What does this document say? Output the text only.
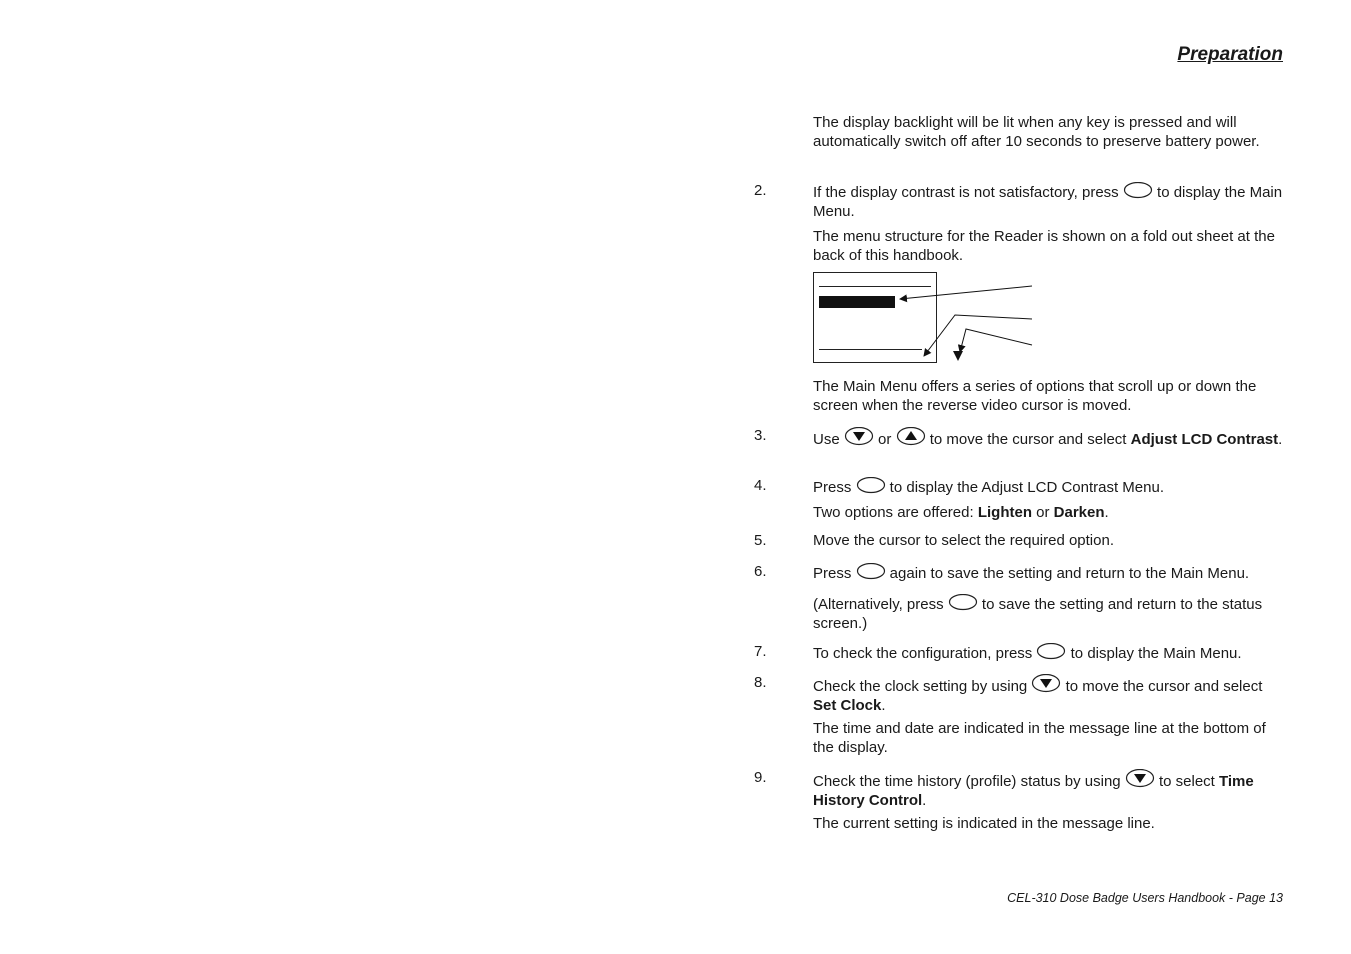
Preparation
The display backlight will be lit when any key is pressed and will automatically switch off after 10 seconds to preserve battery power.
2.	If the display contrast is not satisfactory, press  to display the Main Menu.
The menu structure for the Reader is shown on a fold out sheet at the back of this handbook.
The Main Menu offers a series of options that scroll up or down the screen when the reverse video cursor is moved.
3.	Use  or  to move the cursor and select Adjust LCD Contrast.
4.	Press  to display the Adjust LCD Contrast Menu.
Two options are offered: Lighten or Darken.
5.	Move the cursor to select the required option.
6.	Press  again to save the setting and return to the Main Menu.
(Alternatively, press  to save the setting and return to the status screen.)
7.	To check the configuration, press  to display the Main Menu.
8.	Check the clock setting by using  to move the cursor and select Set Clock.
The time and date are indicated in the message line at the bottom of the display.
9.	Check the time history (profile) status by using  to select Time History Control.
The current setting is indicated in the message line.
CEL-310 Dose Badge Users Handbook - Page 13
